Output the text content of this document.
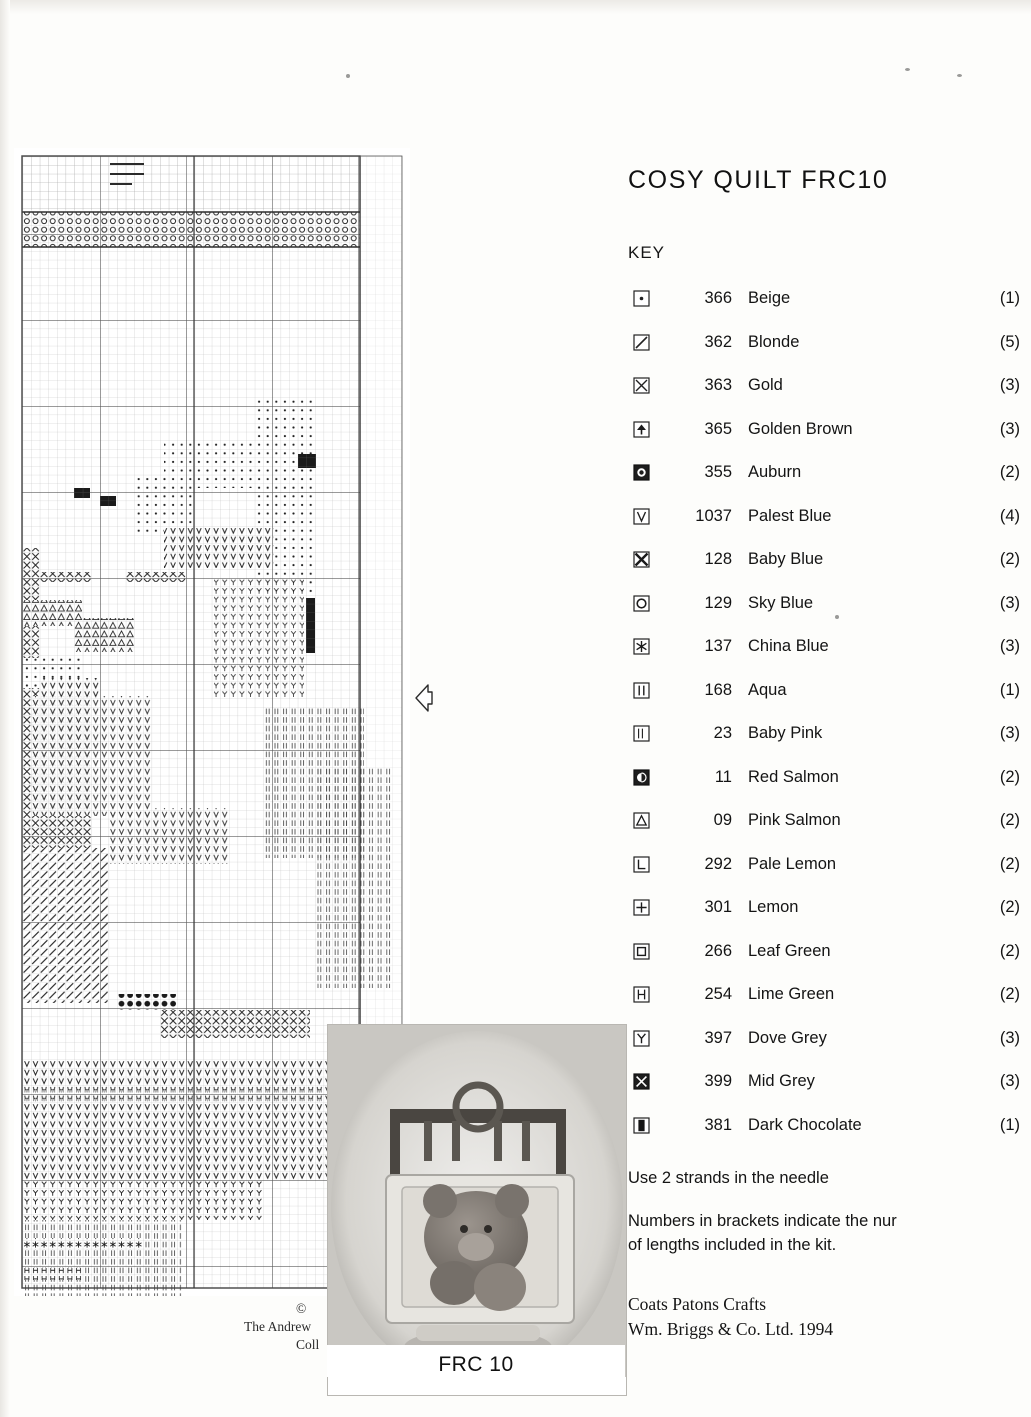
©
The Andrew
Coll
FRC 10
COSY QUILT FRC10
KEY
366 Beige	(1)
362 Blonde	(5)
363 Gold	(3)
365 Golden Brown	(3)
355 Auburn	(2)
1037 Palest Blue	(4)
128 Baby Blue	(2)
129 Sky Blue	(3)
137 China Blue	(3)
168 Aqua	(1)
23 Baby Pink	(3)
11 Red Salmon	(2)
09 Pink Salmon	(2)
292 Pale Lemon	(2)
301 Lemon	(2)
266 Leaf Green	(2)
254 Lime Green	(2)
397 Dove Grey	(3)
399 Mid Grey	(3)
381 Dark Chocolate	(1)
Use 2 strands in the needle
Numbers in brackets indicate the nur
of lengths included in the kit.
Coats Patons Crafts
Wm. Briggs & Co. Ltd. 1994
